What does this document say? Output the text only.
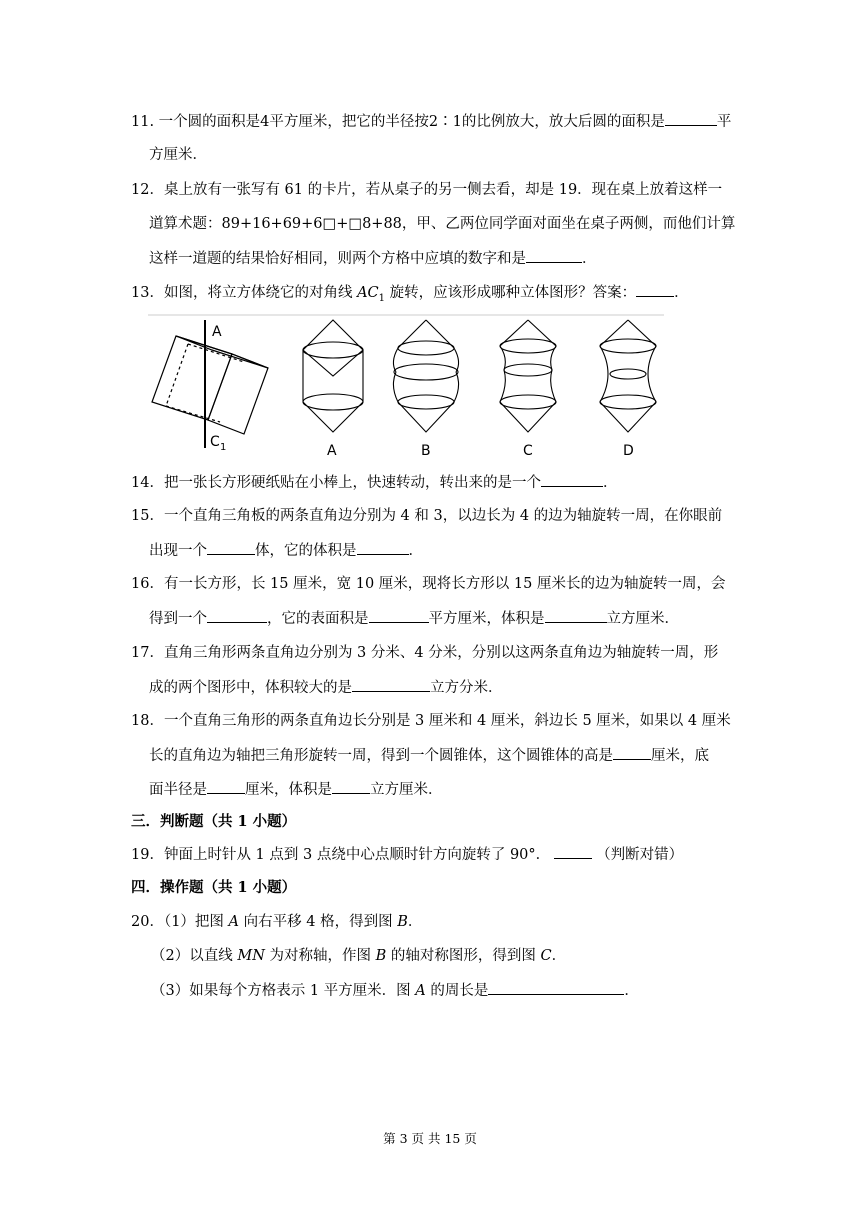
11. 一个圆的面积是4平方厘米，把它的半径按2∶1的比例放大，放大后圆的面积是	平
方厘米．
12．桌上放有一张写有 61 的卡片，若从桌子的另一侧去看，却是 19．现在桌上放着这样一
道算术题：89+16+69+6□+□8+88，甲、乙两位同学面对面坐在桌子两侧，而他们计算
这样一道题的结果恰好相同，则两个方格中应填的数字和是	．
13．如图，将立方体绕它的对角线 $AC_1$ 旋转，应该形成哪种立体图形？答案：	．
A
C 1	A	B	C	D
14．把一张长方形硬纸贴在小棒上，快速转动，转出来的是一个	．
15．一个直角三角板的两条直角边分别为 4 和 3，以边长为 4 的边为轴旋转一周，在你眼前
出现一个	体，它的体积是	．
16．有一长方形，长 15 厘米，宽 10 厘米，现将长方形以 15 厘米长的边为轴旋转一周，会
得到一个	，它的表面积是	平方厘米，体积是	立方厘米．
17．直角三角形两条直角边分别为 3 分米、4 分米，分别以这两条直角边为轴旋转一周，形
成的两个图形中，体积较大的是	立方分米．
18．一个直角三角形的两条直角边长分别是 3 厘米和 4 厘米，斜边长 5 厘米，如果以 4 厘米
长的直角边为轴把三角形旋转一周，得到一个圆锥体，这个圆锥体的高是	厘米，底
面半径是	厘米，体积是	立方厘米．
三．判断题（共 1 小题）
19．钟面上时针从 1 点到 3 点绕中心点顺时针方向旋转了 90°．	（判断对错）
四．操作题（共 1 小题）
20．（1）把图 A 向右平移 4 格，得到图 B．
（2）以直线 MN 为对称轴，作图 B 的轴对称图形，得到图 C．
（3）如果每个方格表示 1 平方厘米．图 A 的周长是	．
第 3 页 共 15 页
